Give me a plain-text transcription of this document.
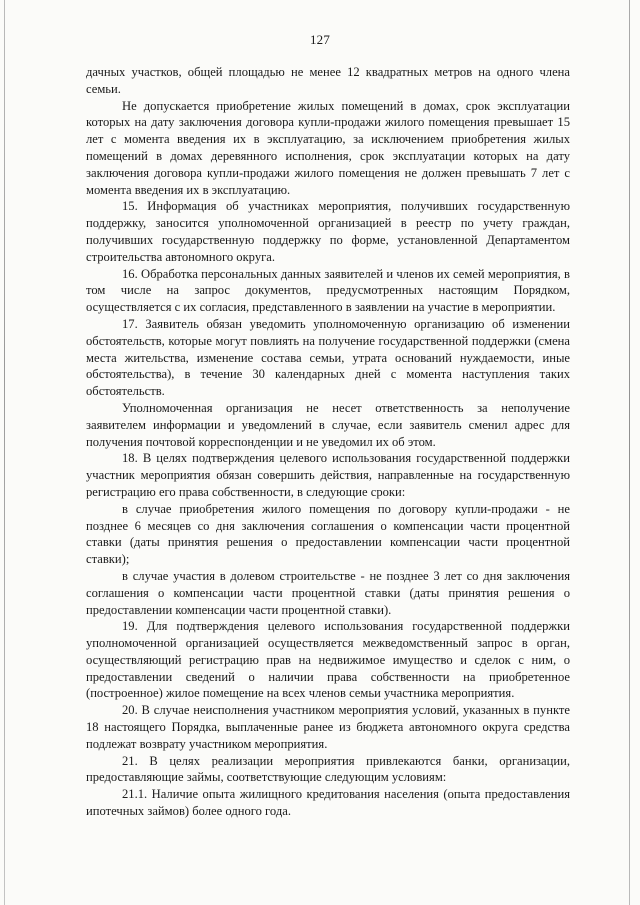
127

дачных участков, общей площадью не менее 12 квадратных метров на одного члена семьи.

Не допускается приобретение жилых помещений в домах, срок эксплуатации которых на дату заключения договора купли-продажи жилого помещения превышает 15 лет с момента введения их в эксплуатацию, за исключением приобретения жилых помещений в домах деревянного исполнения, срок эксплуатации которых на дату заключения договора купли-продажи жилого помещения не должен превышать 7 лет с момента введения их в эксплуатацию.

15. Информация об участниках мероприятия, получивших государственную поддержку, заносится уполномоченной организацией в реестр по учету граждан, получивших государственную поддержку по форме, установленной Департаментом строительства автономного округа.

16. Обработка персональных данных заявителей и членов их семей мероприятия, в том числе на запрос документов, предусмотренных настоящим Порядком, осуществляется с их согласия, представленного в заявлении на участие в мероприятии.

17. Заявитель обязан уведомить уполномоченную организацию об изменении обстоятельств, которые могут повлиять на получение государственной поддержки (смена места жительства, изменение состава семьи, утрата оснований нуждаемости, иные обстоятельства), в течение 30 календарных дней с момента наступления таких обстоятельств.

Уполномоченная организация не несет ответственность за неполучение заявителем информации и уведомлений в случае, если заявитель сменил адрес для получения почтовой корреспонденции и не уведомил их об этом.

18. В целях подтверждения целевого использования государственной поддержки участник мероприятия обязан совершить действия, направленные на государственную регистрацию его права собственности, в следующие сроки:

в случае приобретения жилого помещения по договору купли-продажи - не позднее 6 месяцев со дня заключения соглашения о компенсации части процентной ставки (даты принятия решения о предоставлении компенсации части процентной ставки);

в случае участия в долевом строительстве - не позднее 3 лет со дня заключения соглашения о компенсации части процентной ставки (даты принятия решения о предоставлении компенсации части процентной ставки).

19. Для подтверждения целевого использования государственной поддержки уполномоченной организацией осуществляется межведомственный запрос в орган, осуществляющий регистрацию прав на недвижимое имущество и сделок с ним, о предоставлении сведений о наличии права собственности на приобретенное (построенное) жилое помещение на всех членов семьи участника мероприятия.

20. В случае неисполнения участником мероприятия условий, указанных в пункте 18 настоящего Порядка, выплаченные ранее из бюджета автономного округа средства подлежат возврату участником мероприятия.

21. В целях реализации мероприятия привлекаются банки, организации, предоставляющие займы, соответствующие следующим условиям:

21.1. Наличие опыта жилищного кредитования населения (опыта предоставления ипотечных займов) более одного года.
